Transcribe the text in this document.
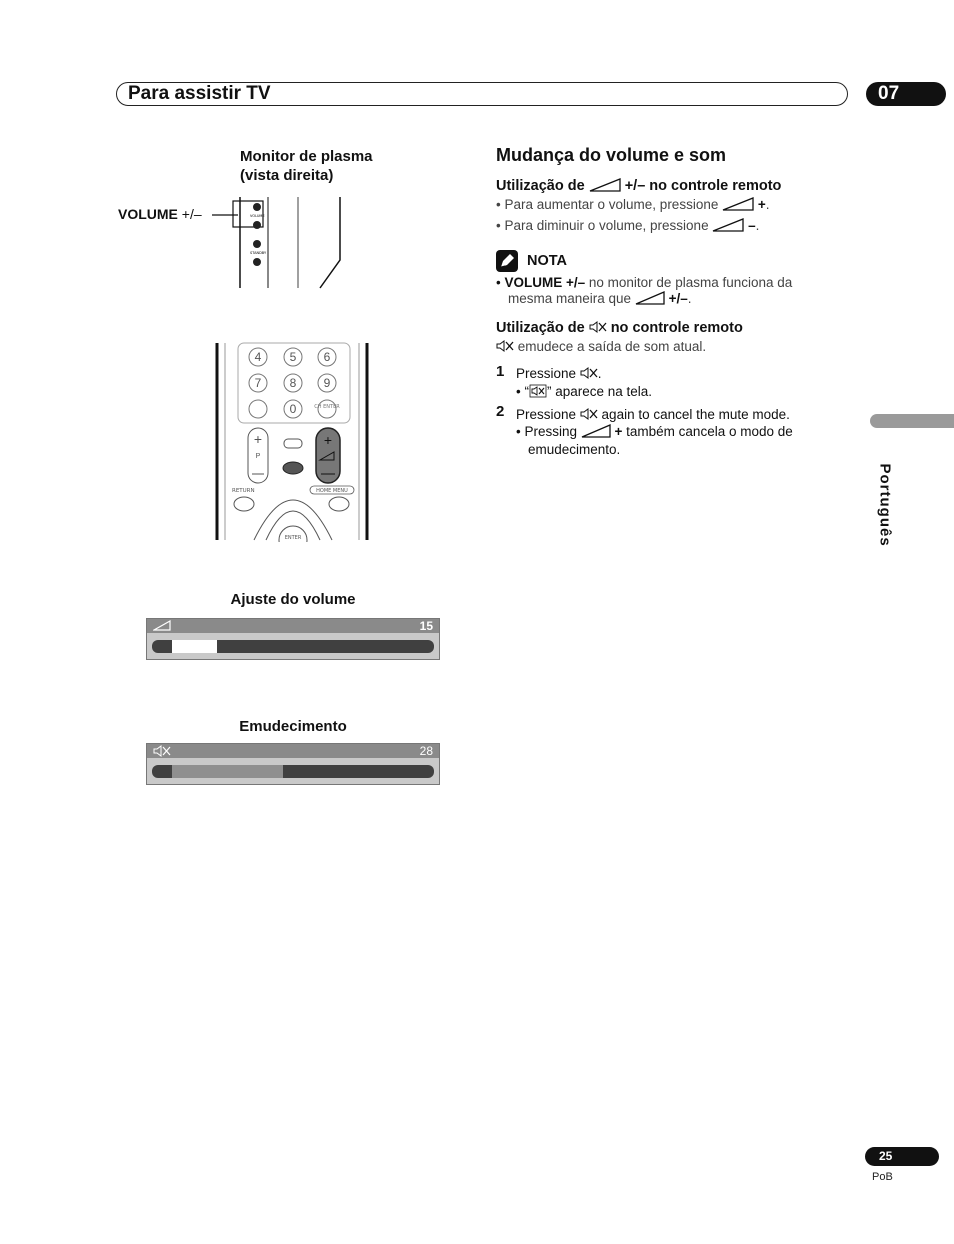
Para assistir TV	07
Português
Monitor de plasma
(vista direita)
VOLUME +/–	VOLUME
STANDBY
4 5 6
7 8 9
0	CH ENTER
+
P
+
RETURN	HOME MENU
ENTER
Ajuste do volume
15
Emudecimento
28
Mudança do volume e som
Utilização de  +/– no controle remoto
• Para aumentar o volume, pressione  +.
• Para diminuir o volume, pressione  –.
NOTA
• VOLUME +/– no monitor de plasma funciona da
mesma maneira que  +/–.
Utilização de  no controle remoto
emudece a saída de som atual.
1 Pressione .
• “ ” aparece na tela.
2 Pressione  again to cancel the mute mode.
• Pressing  + também cancela o modo de
emudecimento.
25
PoB
